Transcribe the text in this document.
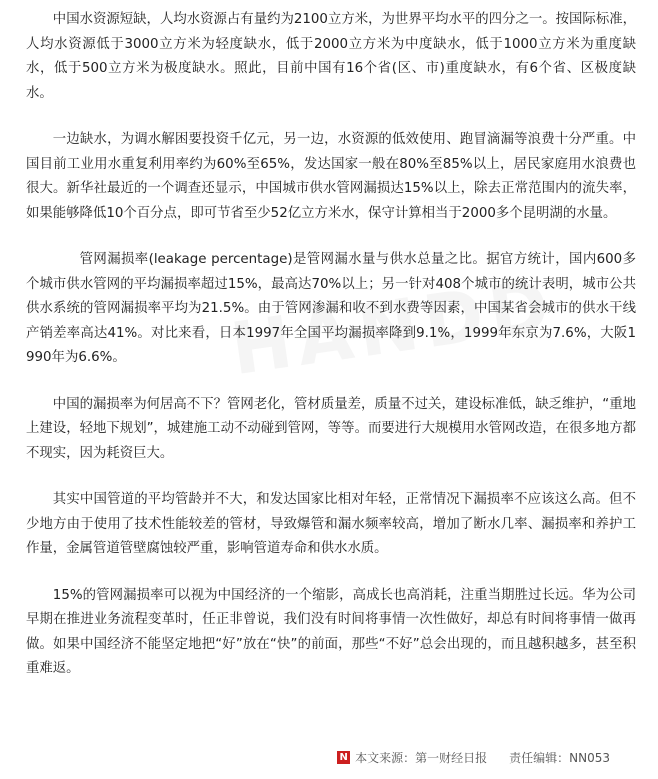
中国水资源短缺，人均水资源占有量约为2100立方米，为世界平均水平的四分之一。按国际标准，人均水资源低于3000立方米为轻度缺水，低于2000立方米为中度缺水，低于1000立方米为重度缺水，低于500立方米为极度缺水。照此，目前中国有16个省(区、市)重度缺水，有6个省、区极度缺水。

一边缺水，为调水解困要投资千亿元，另一边，水资源的低效使用、跑冒滴漏等浪费十分严重。中国目前工业用水重复利用率约为60%至65%，发达国家一般在80%至85%以上，居民家庭用水浪费也很大。新华社最近的一个调查还显示，中国城市供水管网漏损达15%以上，除去正常范围内的流失率，如果能够降低10个百分点，即可节省至少52亿立方米水，保守计算相当于2000多个昆明湖的水量。

管网漏损率(leakage percentage)是管网漏水量与供水总量之比。据官方统计，国内600多个城市供水管网的平均漏损率超过15%，最高达70%以上；另一针对408个城市的统计表明，城市公共供水系统的管网漏损率平均为21.5%。由于管网渗漏和收不到水费等因素，中国某省会城市的供水干线产销差率高达41%。对比来看，日本1997年全国平均漏损率降到9.1%，1999年东京为7.6%，大阪1990年为6.6%。

中国的漏损率为何居高不下？管网老化，管材质量差，质量不过关，建设标准低，缺乏维护，“重地上建设，轻地下规划”，城建施工动不动碰到管网，等等。而要进行大规模用水管网改造，在很多地方都不现实，因为耗资巨大。

其实中国管道的平均管龄并不大，和发达国家比相对年轻，正常情况下漏损率不应该这么高。但不少地方由于使用了技术性能较差的管材，导致爆管和漏水频率较高，增加了断水几率、漏损率和养护工作量，金属管道管壁腐蚀较严重，影响管道寿命和供水水质。

15%的管网漏损率可以视为中国经济的一个缩影，高成长也高消耗，注重当期胜过长远。华为公司早期在推进业务流程变革时，任正非曾说，我们没有时间将事情一次性做好，却总有时间将事情一做再做。如果中国经济不能坚定地把“好”放在“快”的前面，那些“不好”总会出现的，而且越积越多，甚至积重难返。

N 本文来源：第一财经日报 责任编辑：NN053
